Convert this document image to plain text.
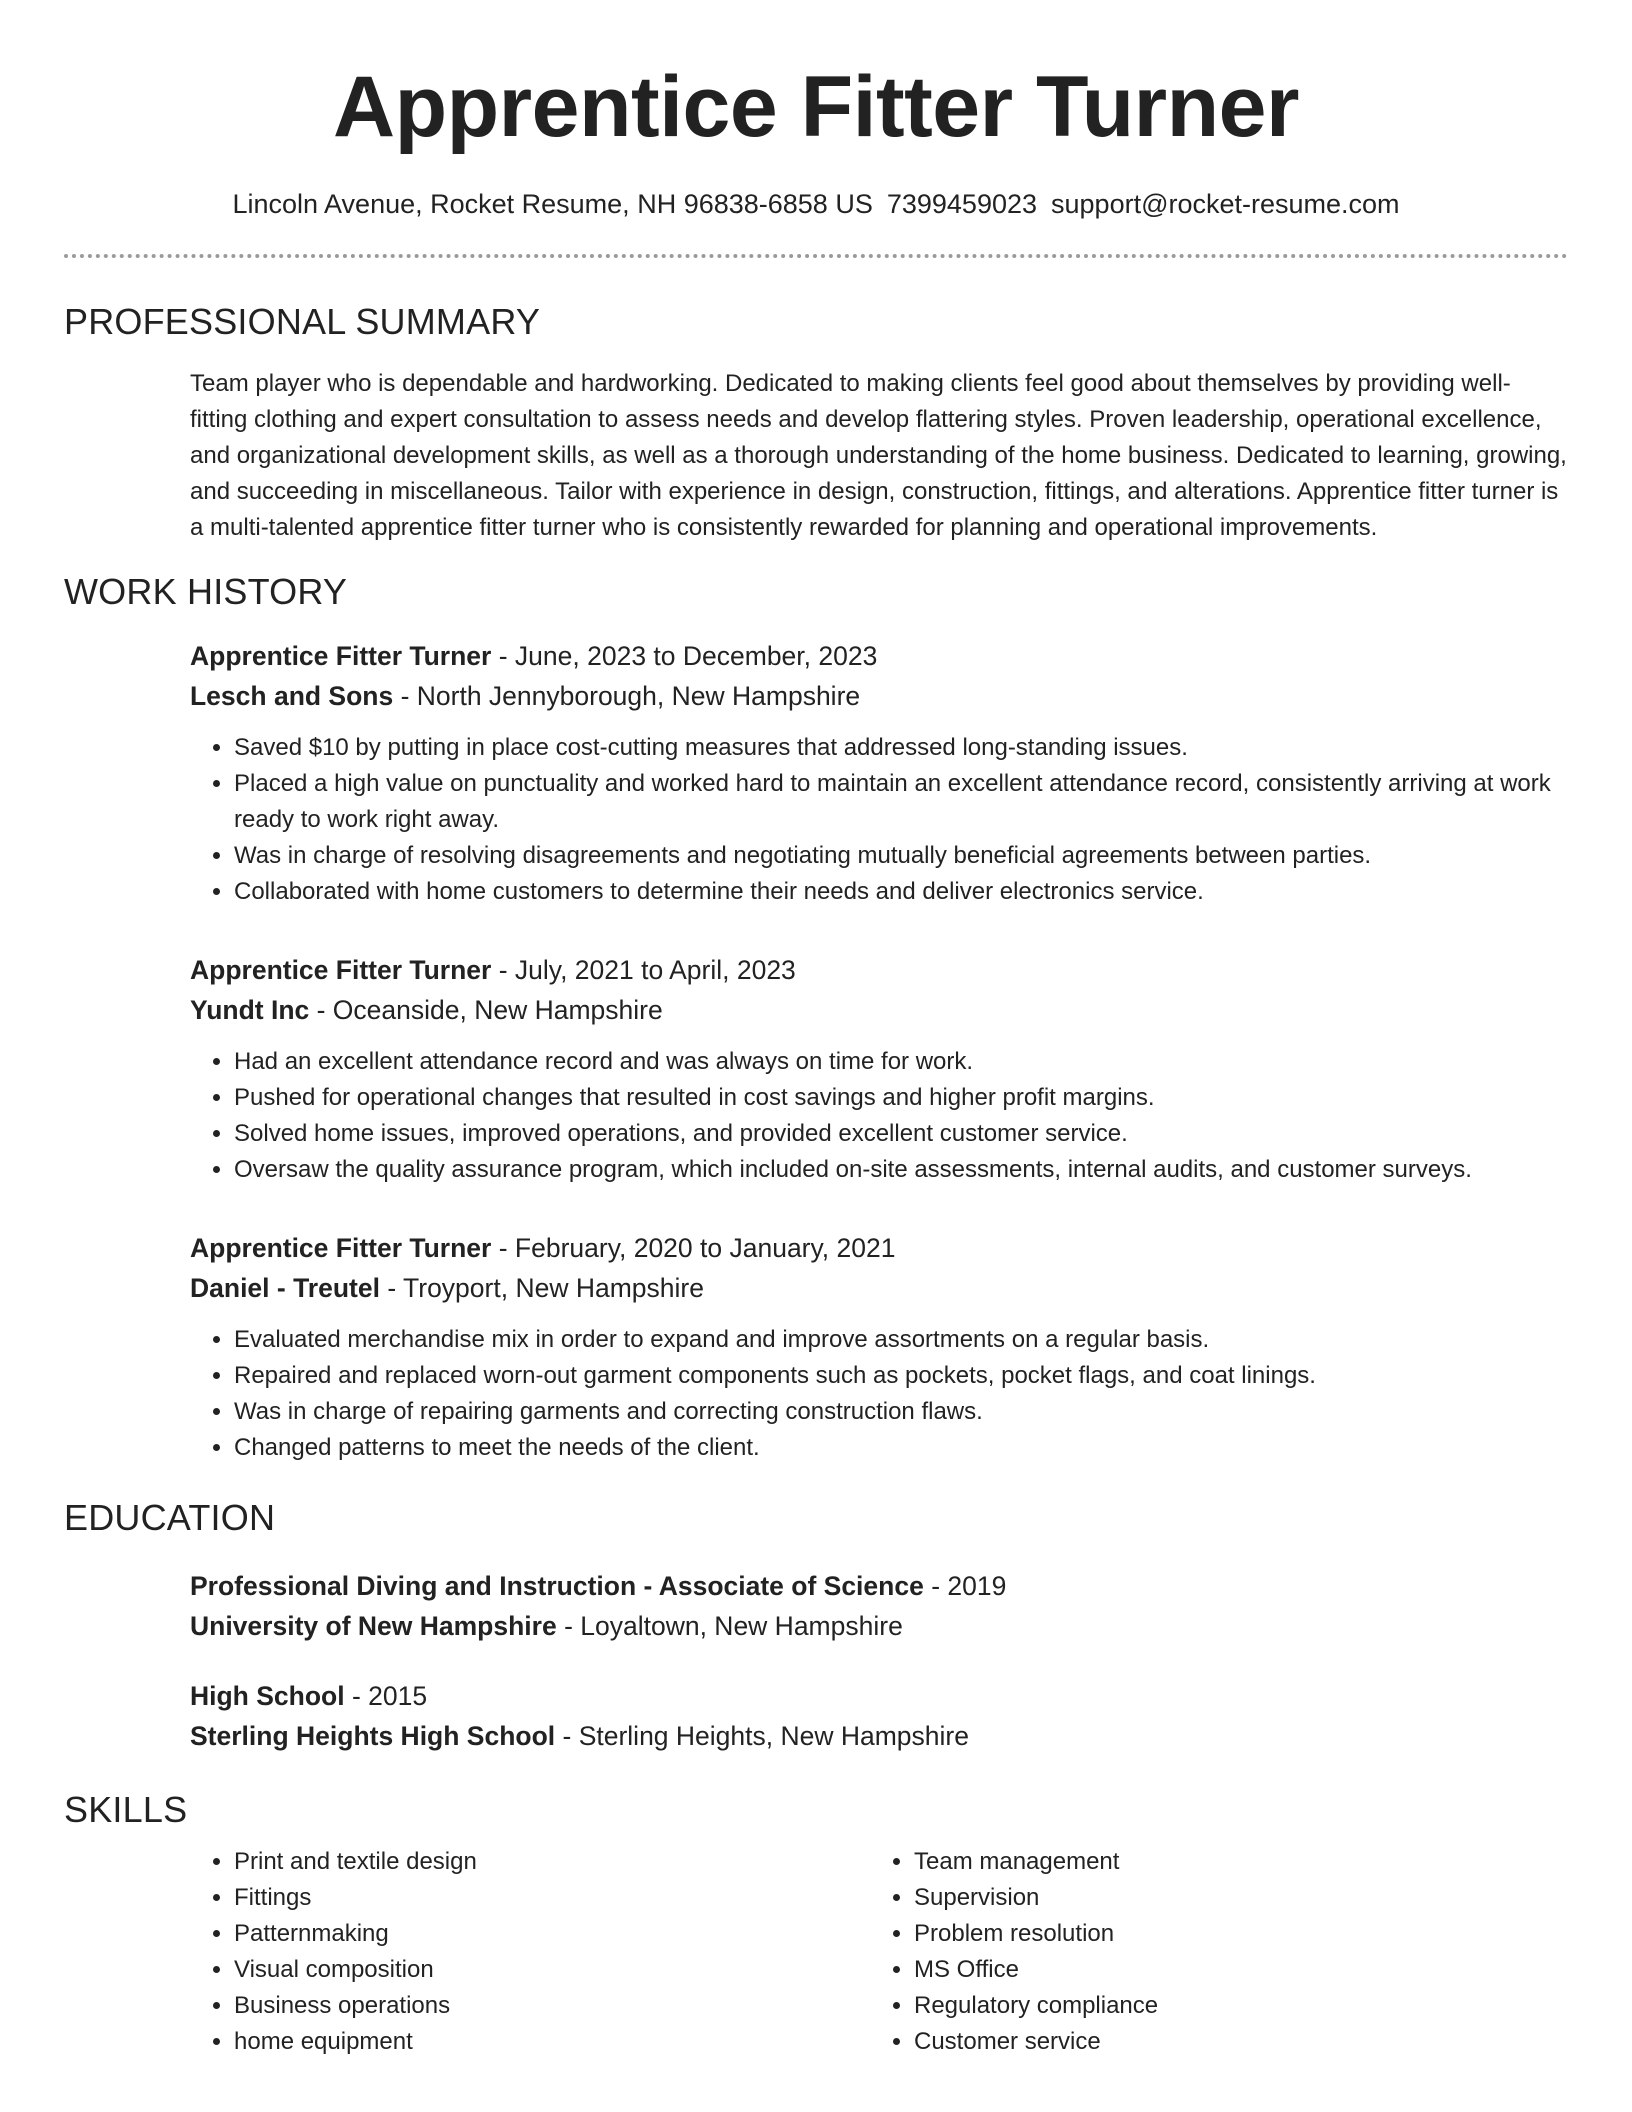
Apprentice Fitter Turner
Lincoln Avenue, Rocket Resume, NH 96838-6858 US 7399459023 support@rocket-resume.com
PROFESSIONAL SUMMARY

Team player who is dependable and hardworking. Dedicated to making clients feel good about themselves by providing well-fitting clothing and expert consultation to assess needs and develop flattering styles. Proven leadership, operational excellence, and organizational development skills, as well as a thorough understanding of the home business. Dedicated to learning, growing, and succeeding in miscellaneous. Tailor with experience in design, construction, fittings, and alterations. Apprentice fitter turner is a multi-talented apprentice fitter turner who is consistently rewarded for planning and operational improvements.

WORK HISTORY
Apprentice Fitter Turner - June, 2023 to December, 2023
Lesch and Sons - North Jennyborough, New Hampshire
• Saved $10 by putting in place cost-cutting measures that addressed long-standing issues.
• Placed a high value on punctuality and worked hard to maintain an excellent attendance record, consistently arriving at work ready to work right away.
• Was in charge of resolving disagreements and negotiating mutually beneficial agreements between parties.
• Collaborated with home customers to determine their needs and deliver electronics service.
Apprentice Fitter Turner - July, 2021 to April, 2023
Yundt Inc - Oceanside, New Hampshire
• Had an excellent attendance record and was always on time for work.
• Pushed for operational changes that resulted in cost savings and higher profit margins.
• Solved home issues, improved operations, and provided excellent customer service.
• Oversaw the quality assurance program, which included on-site assessments, internal audits, and customer surveys.
Apprentice Fitter Turner - February, 2020 to January, 2021
Daniel - Treutel - Troyport, New Hampshire
• Evaluated merchandise mix in order to expand and improve assortments on a regular basis.
• Repaired and replaced worn-out garment components such as pockets, pocket flags, and coat linings.
• Was in charge of repairing garments and correcting construction flaws.
• Changed patterns to meet the needs of the client.
EDUCATION
Professional Diving and Instruction - Associate of Science - 2019
University of New Hampshire - Loyaltown, New Hampshire
High School - 2015
Sterling Heights High School - Sterling Heights, New Hampshire
SKILLS
• Print and textile design
• Fittings
• Patternmaking
• Visual composition
• Business operations
• home equipment
• Team management
• Supervision
• Problem resolution
• MS Office
• Regulatory compliance
• Customer service
